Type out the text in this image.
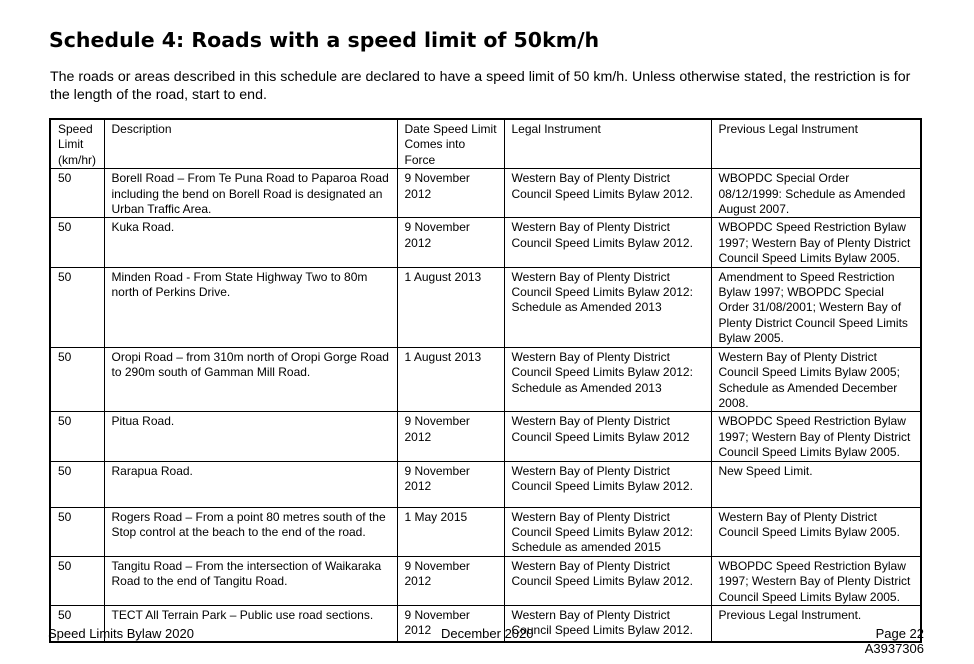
Schedule 4: Roads with a speed limit of 50km/h
The roads or areas described in this schedule are declared to have a speed limit of 50 km/h. Unless otherwise stated, the restriction is for the length of the road, start to end.
Speed Limit (km/hr)	Description	Date Speed Limit Comes into Force	Legal Instrument	Previous Legal Instrument
50	Borell Road – From Te Puna Road to Paparoa Road including the bend on Borell Road is designated an Urban Traffic Area.	9 November 2012	Western Bay of Plenty District Council Speed Limits Bylaw 2012.	WBOPDC Special Order 08/12/1999: Schedule as Amended August 2007.
50	Kuka Road.	9 November 2012	Western Bay of Plenty District Council Speed Limits Bylaw 2012.	WBOPDC Speed Restriction Bylaw 1997; Western Bay of Plenty District Council Speed Limits Bylaw 2005.
50	Minden Road - From State Highway Two to 80m north of Perkins Drive.	1 August 2013	Western Bay of Plenty District Council Speed Limits Bylaw 2012: Schedule as Amended 2013	Amendment to Speed Restriction Bylaw 1997; WBOPDC Special Order 31/08/2001; Western Bay of Plenty District Council Speed Limits Bylaw 2005.
50	Oropi Road – from 310m north of Oropi Gorge Road to 290m south of Gamman Mill Road.	1 August 2013	Western Bay of Plenty District Council Speed Limits Bylaw 2012: Schedule as Amended 2013	Western Bay of Plenty District Council Speed Limits Bylaw 2005; Schedule as Amended December 2008.
50	Pitua Road.	9 November 2012	Western Bay of Plenty District Council Speed Limits Bylaw 2012	WBOPDC Speed Restriction Bylaw 1997; Western Bay of Plenty District Council Speed Limits Bylaw 2005.
50	Rarapua Road.	9 November 2012	Western Bay of Plenty District Council Speed Limits Bylaw 2012.	New Speed Limit.
50	Rogers Road – From a point 80 metres south of the Stop control at the beach to the end of the road.	1 May 2015	Western Bay of Plenty District Council Speed Limits Bylaw 2012: Schedule as amended 2015	Western Bay of Plenty District Council Speed Limits Bylaw 2005.
50	Tangitu Road – From the intersection of Waikaraka Road to the end of Tangitu Road.	9 November 2012	Western Bay of Plenty District Council Speed Limits Bylaw 2012.	WBOPDC Speed Restriction Bylaw 1997; Western Bay of Plenty District Council Speed Limits Bylaw 2005.
50	TECT All Terrain Park – Public use road sections.	9 November 2012	Western Bay of Plenty District Council Speed Limits Bylaw 2012.	Previous Legal Instrument.
Speed Limits Bylaw 2020	December 2020	Page 22
A3937306
